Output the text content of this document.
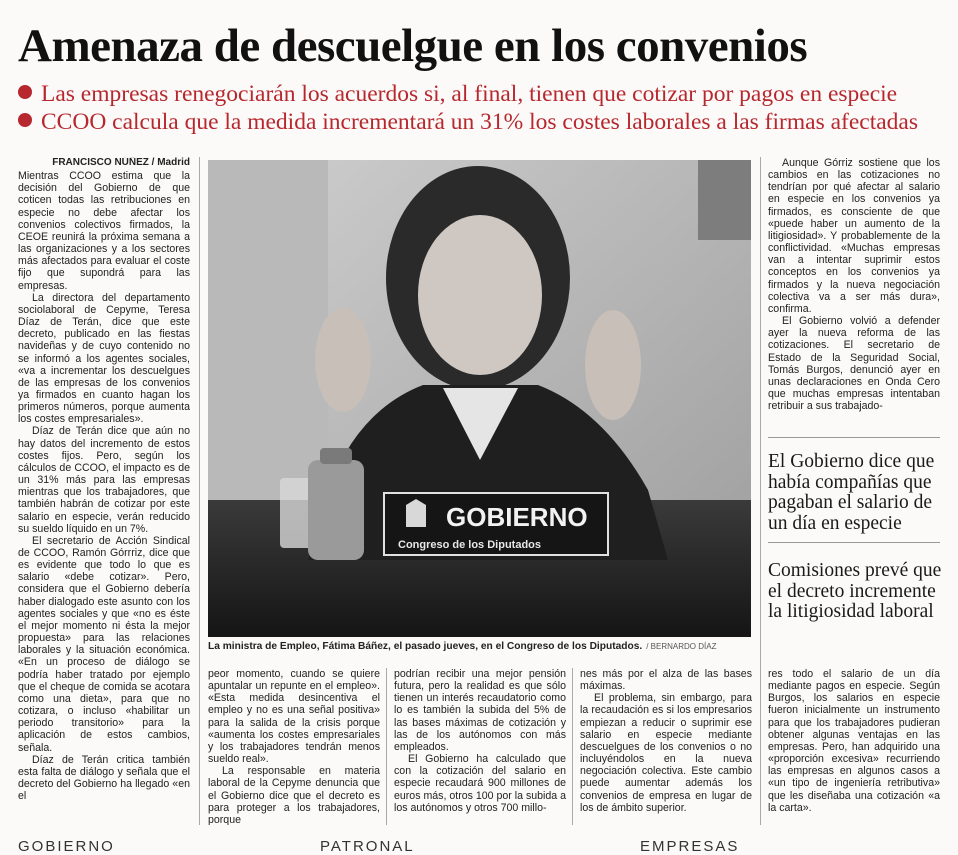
Amenaza de descuelgue en los convenios
Las empresas renegociarán los acuerdos si, al final, tienen que cotizar por pagos en especie
CCOO calcula que la medida incrementará un 31% los costes laborales a las firmas afectadas

FRANCISCO NÚÑEZ / Madrid

Mientras CCOO estima que la decisión del Gobierno de que coticen todas las retribuciones en especie no debe afectar los convenios colectivos firmados, la CEOE reunirá la próxima semana a las organizaciones y a los sectores más afectados para evaluar el coste fijo que supondrá para las empresas.

La directora del departamento sociolaboral de Cepyme, Teresa Díaz de Terán, dice que este decreto, publicado en las fiestas navideñas y de cuyo contenido no se informó a los agentes sociales, «va a incrementar los descuelgues de las empresas de los convenios ya firmados en cuanto hagan los primeros números, porque aumenta los costes empresariales».

Díaz de Terán dice que aún no hay datos del incremento de estos costes fijos. Pero, según los cálculos de CCOO, el impacto es de un 31% más para las empresas mientras que los trabajadores, que también habrán de cotizar por este salario en especie, verán reducido su sueldo líquido en un 7%.

El secretario de Acción Sindical de CCOO, Ramón Górrriz, dice que es evidente que todo lo que es salario «debe cotizar». Pero, considera que el Gobierno debería haber dialogado este asunto con los agentes sociales y que «no es éste el mejor momento ni ésta la mejor propuesta» para las relaciones laborales y la situación económica. «En un proceso de diálogo se podría haber tratado por ejemplo que el cheque de comida se acotara como una dieta», para que no cotizara, o incluso «habilitar un periodo transitorio» para la aplicación de estos cambios, señala.

Díaz de Terán critica también esta falta de diálogo y señala que el decreto del Gobierno ha llegado «en el

GOBIERNO
Congreso de los Diputados
La ministra de Empleo, Fátima Báñez, el pasado jueves, en el Congreso de los Diputados. / BERNARDO DÍAZ

peor momento, cuando se quiere apuntalar un repunte en el empleo». «Esta medida desincentiva el empleo y no es una señal positiva» para la salida de la crisis porque «aumenta los costes empresariales y los trabajadores tendrán menos sueldo real».

La responsable en materia laboral de la Cepyme denuncia que el Gobierno dice que el decreto es para proteger a los trabajadores, porque

podrían recibir una mejor pensión futura, pero la realidad es que sólo tienen un interés recaudatorio como lo es también la subida del 5% de las bases máximas de cotización y las de los autónomos con más empleados.

El Gobierno ha calculado que con la cotización del salario en especie recaudará 900 millones de euros más, otros 100 por la subida a los autónomos y otros 700 millo-

nes más por el alza de las bases máximas.

El problema, sin embargo, para la recaudación es si los empresarios empiezan a reducir o suprimir ese salario en especie mediante descuelgues de los convenios o no incluyéndolos en la nueva negociación colectiva. Este cambio puede aumentar además los convenios de empresa en lugar de los de ámbito superior.

Aunque Górriz sostiene que los cambios en las cotizaciones no tendrían por qué afectar al salario en especie en los convenios ya firmados, es consciente de que «puede haber un aumento de la litigiosidad». Y probablemente de la conflictividad. «Muchas empresas van a intentar suprimir estos conceptos en los convenios ya firmados y la nueva negociación colectiva va a ser más dura», confirma.

El Gobierno volvió a defender ayer la nueva reforma de las cotizaciones. El secretario de Estado de la Seguridad Social, Tomás Burgos, denunció ayer en unas declaraciones en Onda Cero que muchas empresas intentaban retribuir a sus trabajado-

El Gobierno dice que había compañías que pagaban el salario de un día en especie

Comisiones prevé que el decreto incremente la litigiosidad laboral

res todo el salario de un día mediante pagos en especie. Según Burgos, los salarios en especie fueron inicialmente un instrumento para que los trabajadores pudieran obtener algunas ventajas en las empresas. Pero, han adquirido una «proporción excesiva» recurriendo las empresas en algunos casos a «un tipo de ingeniería retributiva» que les diseñaba una cotización «a la carta».

GOBIERNO	PATRONAL	EMPRESAS
